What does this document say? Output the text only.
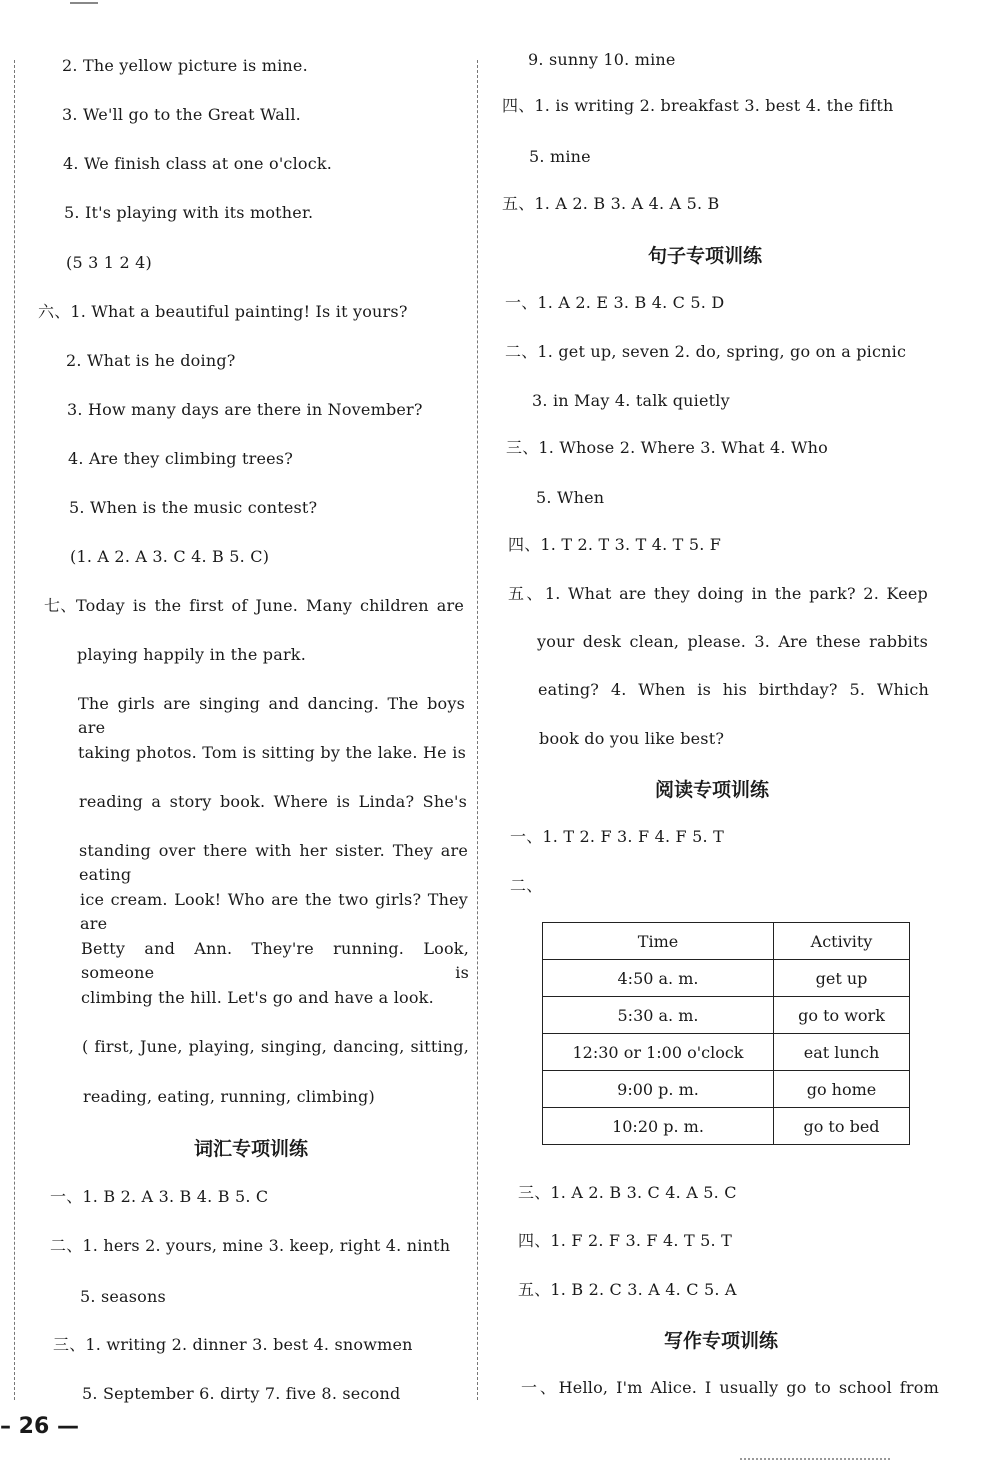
2. The yellow picture is mine.
3. We'll go to the Great Wall.
4. We finish class at one o'clock.
5. It's playing with its mother.
(5 3 1 2 4)
六、1. What a beautiful painting! Is it yours?
2. What is he doing?
3. How many days are there in November?
4. Are they climbing trees?
5. When is the music contest?
(1. A 2. A 3. C 4. B 5. C)
七、 Today is the first of June. Many children are
playing happily in the park.
The girls are singing and dancing. The boys are
taking photos. Tom is sitting by the lake. He is
reading a story book. Where is Linda? She's
standing over there with her sister. They are eating
ice cream. Look! Who are the two girls? They are
Betty and Ann. They're running. Look, someone is
climbing the hill. Let's go and have a look.
( first, June, playing, singing, dancing, sitting,
reading, eating, running, climbing)
词汇专项训练
一、1. B 2. A 3. B 4. B 5. C
二、1. hers 2. yours, mine 3. keep, right 4. ninth
5. seasons
三、1. writing 2. dinner 3. best 4. snowmen
5. September 6. dirty 7. five 8. second
9. sunny 10. mine
四、1. is writing 2. breakfast 3. best 4. the fifth
5. mine
五、1. A 2. B 3. A 4. A 5. B
句子专项训练
一、1. A 2. E 3. B 4. C 5. D
二、1. get up, seven 2. do, spring, go on a picnic
3. in May 4. talk quietly
三、1. Whose 2. Where 3. What 4. Who
5. When
四、1. T 2. T 3. T 4. T 5. F
五、1. What are they doing in the park? 2. Keep
your desk clean, please. 3. Are these rabbits
eating? 4. When is his birthday? 5. Which
book do you like best?
阅读专项训练
一、1. T 2. F 3. F 4. F 5. T
二、
Time	Activity
4:50 a. m.	get up
5:30 a. m.	go to work
12:30 or 1:00 o'clock	eat lunch
9:00 p. m.	go home
10:20 p. m.	go to bed
三、1. A 2. B 3. C 4. A 5. C
四、1. F 2. F 3. F 4. T 5. T
五、1. B 2. C 3. A 4. C 5. A
写作专项训练
一、Hello, I'm Alice. I usually go to school from
– 26 —
